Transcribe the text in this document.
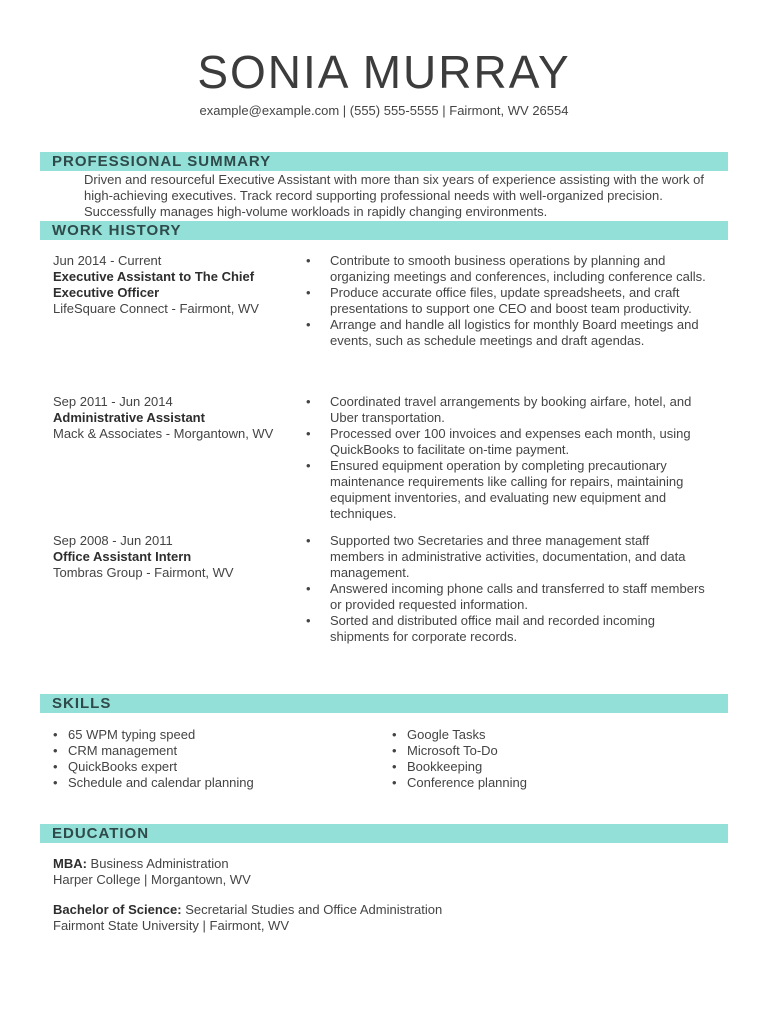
SONIA MURRAY
example@example.com | (555) 555-5555 | Fairmont, WV 26554
PROFESSIONAL SUMMARY
Driven and resourceful Executive Assistant with more than six years of experience assisting with the work of high-achieving executives. Track record supporting professional needs with well-organized precision. Successfully manages high-volume workloads in rapidly changing environments.
WORK HISTORY
Jun 2014 - Current
Executive Assistant to The Chief Executive Officer
LifeSquare Connect - Fairmont, WV
• Contribute to smooth business operations by planning and organizing meetings and conferences, including conference calls.
• Produce accurate office files, update spreadsheets, and craft presentations to support one CEO and boost team productivity.
• Arrange and handle all logistics for monthly Board meetings and events, such as schedule meetings and draft agendas.
Sep 2011 - Jun 2014
Administrative Assistant
Mack & Associates - Morgantown, WV
• Coordinated travel arrangements by booking airfare, hotel, and Uber transportation.
• Processed over 100 invoices and expenses each month, using QuickBooks to facilitate on-time payment.
• Ensured equipment operation by completing precautionary maintenance requirements like calling for repairs, maintaining equipment inventories, and evaluating new equipment and techniques.
Sep 2008 - Jun 2011
Office Assistant Intern
Tombras Group - Fairmont, WV
• Supported two Secretaries and three management staff members in administrative activities, documentation, and data management.
• Answered incoming phone calls and transferred to staff members or provided requested information.
• Sorted and distributed office mail and recorded incoming shipments for corporate records.
SKILLS
• 65 WPM typing speed
• CRM management
• QuickBooks expert
• Schedule and calendar planning
• Google Tasks
• Microsoft To-Do
• Bookkeeping
• Conference planning
EDUCATION
MBA: Business Administration
Harper College | Morgantown, WV
Bachelor of Science: Secretarial Studies and Office Administration
Fairmont State University | Fairmont, WV
